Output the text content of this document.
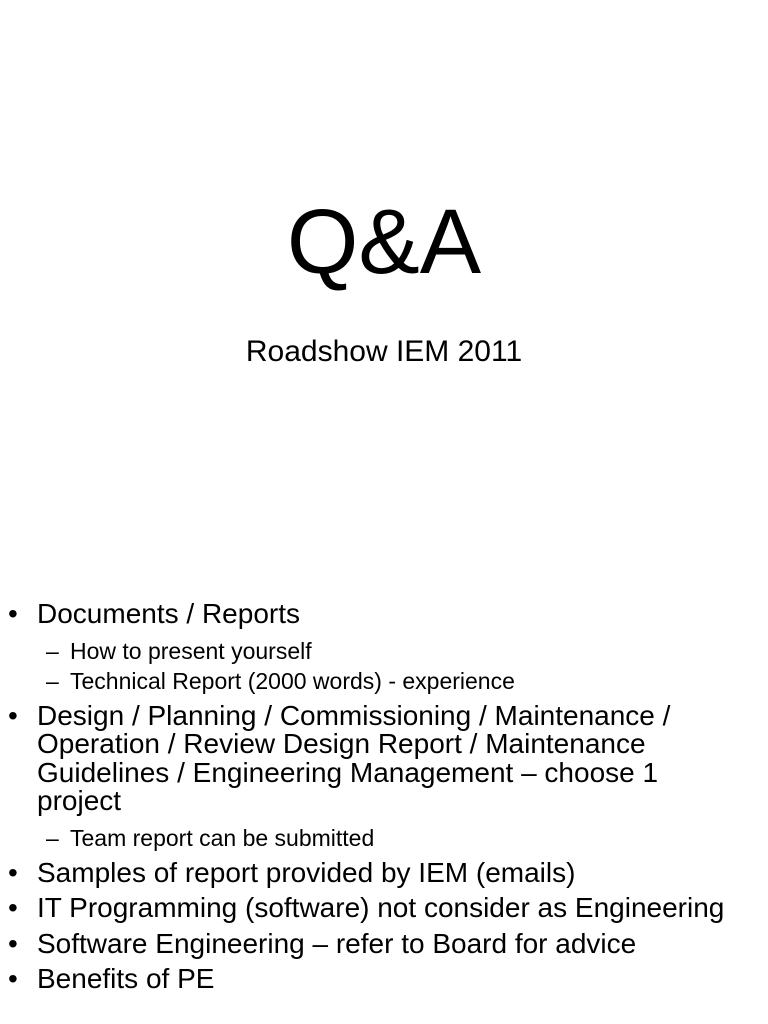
Q&A
Roadshow IEM 2011
• Documents / Reports
– How to present yourself
– Technical Report (2000 words) - experience
• Design / Planning / Commissioning / Maintenance / Operation / Review Design Report / Maintenance Guidelines / Engineering Management – choose 1 project
– Team report can be submitted
• Samples of report provided by IEM (emails)
• IT Programming (software) not consider as Engineering
• Software Engineering – refer to Board for advice
• Benefits of PE
